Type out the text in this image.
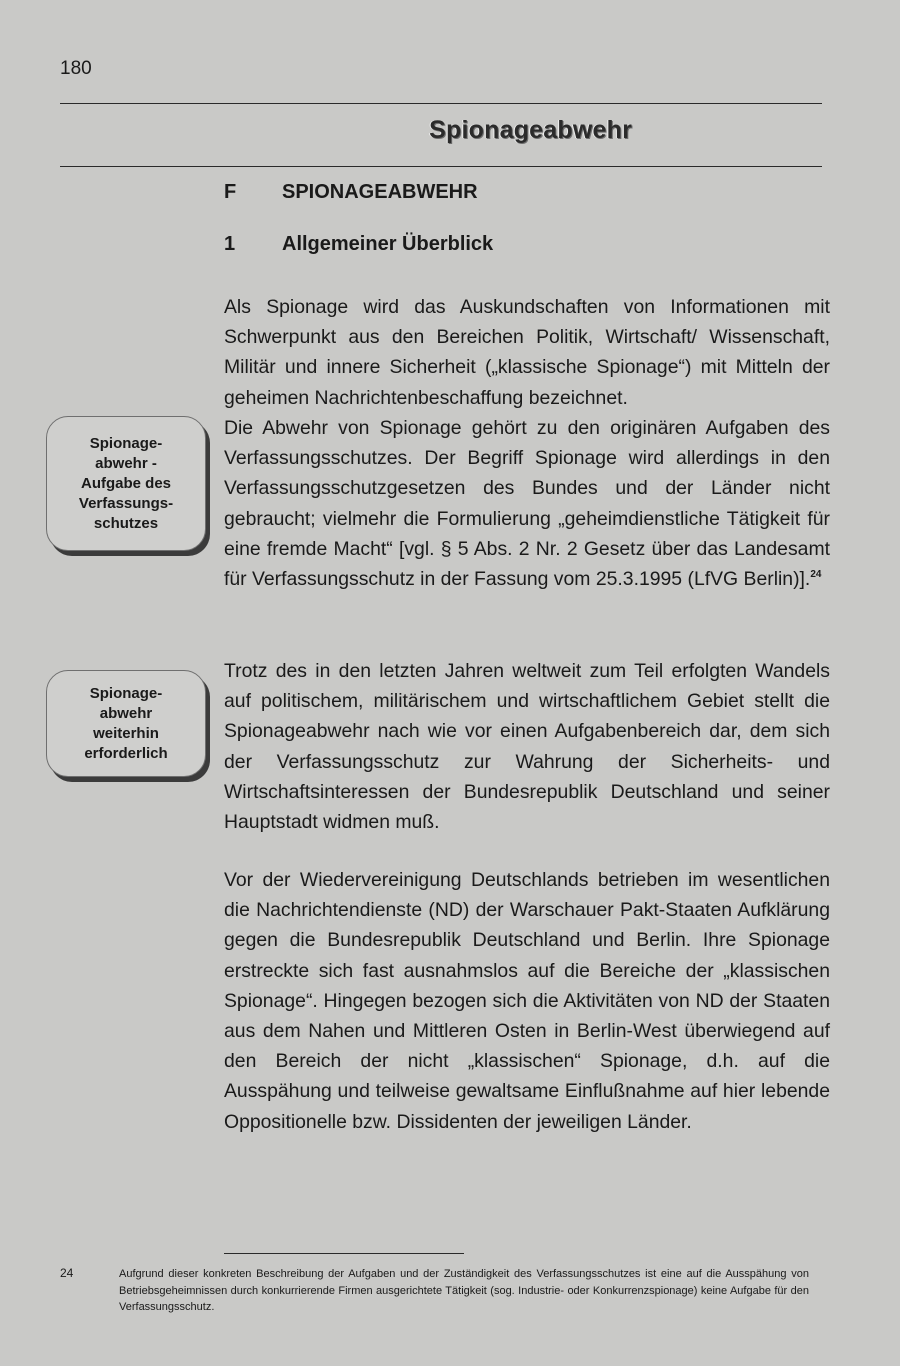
180
Spionageabwehr
F SPIONAGEABWEHR
1 Allgemeiner Überblick

Als Spionage wird das Auskundschaften von Informationen mit Schwerpunkt aus den Bereichen Politik, Wirtschaft/ Wissenschaft, Militär und innere Sicherheit („klassische Spionage“) mit Mitteln der geheimen Nachrichtenbeschaffung bezeichnet.

Spionage-
abwehr -
Aufgabe des
Verfassungs-
schutzes

Die Abwehr von Spionage gehört zu den originären Aufgaben des Verfassungsschutzes. Der Begriff Spionage wird allerdings in den Verfassungsschutzgesetzen des Bundes und der Länder nicht gebraucht; vielmehr die Formulierung „geheimdienstliche Tätigkeit für eine fremde Macht“ [vgl. § 5 Abs. 2 Nr. 2 Gesetz über das Landesamt für Verfassungsschutz in der Fassung vom 25.3.1995 (LfVG Berlin)].$^{24}$

Spionage-
abwehr
weiterhin
erforderlich

Trotz des in den letzten Jahren weltweit zum Teil erfolgten Wandels auf politischem, militärischem und wirtschaftlichem Gebiet stellt die Spionageabwehr nach wie vor einen Aufgabenbereich dar, dem sich der Verfassungsschutz zur Wahrung der Sicherheits- und Wirtschaftsinteressen der Bundesrepublik Deutschland und seiner Hauptstadt widmen muß.

Vor der Wiedervereinigung Deutschlands betrieben im wesentlichen die Nachrichtendienste (ND) der Warschauer Pakt-Staaten Aufklärung gegen die Bundesrepublik Deutschland und Berlin. Ihre Spionage erstreckte sich fast ausnahmslos auf die Bereiche der „klassischen Spionage“. Hingegen bezogen sich die Aktivitäten von ND der Staaten aus dem Nahen und Mittleren Osten in Berlin-West überwiegend auf den Bereich der nicht „klassischen“ Spionage, d.h. auf die Ausspähung und teilweise gewaltsame Einflußnahme auf hier lebende Oppositionelle bzw. Dissidenten der jeweiligen Länder.

24	Aufgrund dieser konkreten Beschreibung der Aufgaben und der Zuständigkeit des Verfassungsschutzes ist eine auf die Ausspähung von Betriebsgeheimnissen durch konkurrierende Firmen ausgerichtete Tätigkeit (sog. Industrie- oder Konkurrenzspionage) keine Aufgabe für den Verfassungsschutz.
